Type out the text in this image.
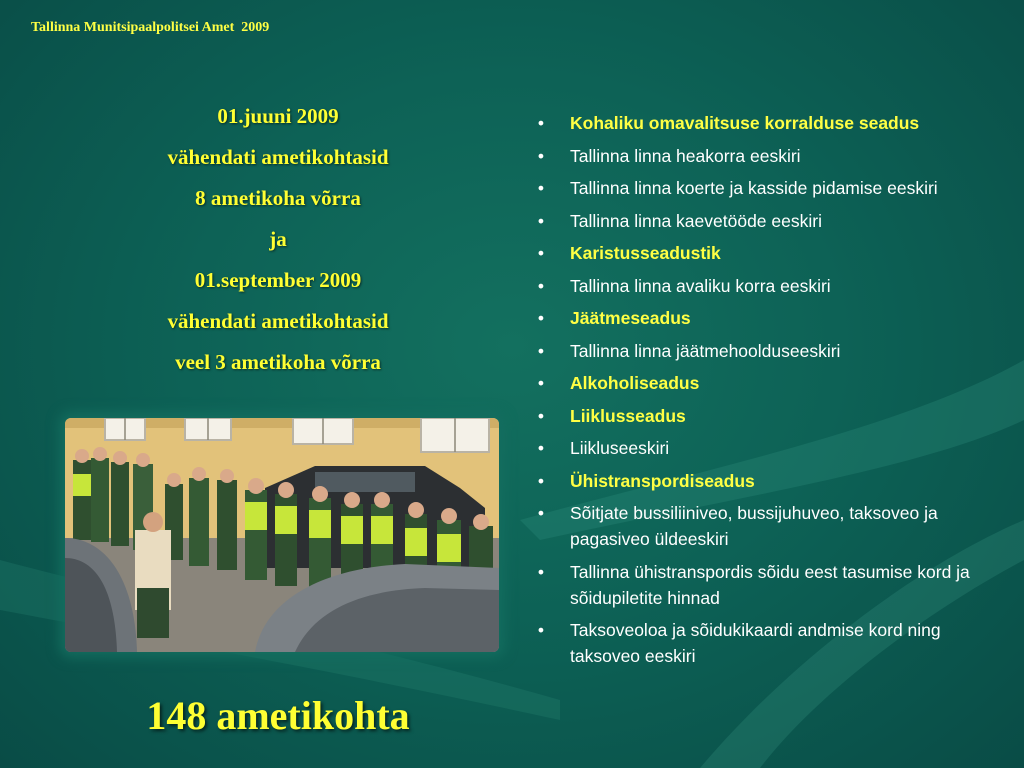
Tallinna Munitsipaalpolitsei Amet  2009
01.juuni 2009
vähendati ametikohtasid
8 ametikoha võrra
ja
01.september 2009
vähendati ametikohtasid
veel 3 ametikoha võrra
148 ametikohta
• Kohaliku omavalitsuse korralduse seadus
• Tallinna linna heakorra eeskiri
• Tallinna linna koerte ja kasside pidamise eeskiri
• Tallinna linna kaevetööde eeskiri
• Karistusseadustik
• Tallinna linna avaliku korra eeskiri
• Jäätmeseadus
• Tallinna linna jäätmehoolduseeskiri
• Alkoholiseadus
• Liiklusseadus
• Liikluseeskiri
• Ühistranspordiseadus
• Sõitjate bussiliiniveo, bussijuhuveo, taksoveo ja pagasiveo üldeeskiri
• Tallinna ühistranspordis sõidu eest tasumise kord ja sõidupiletite hinnad
• Taksoveoloa ja sõidukikaardi andmise kord ning taksoveo eeskiri
